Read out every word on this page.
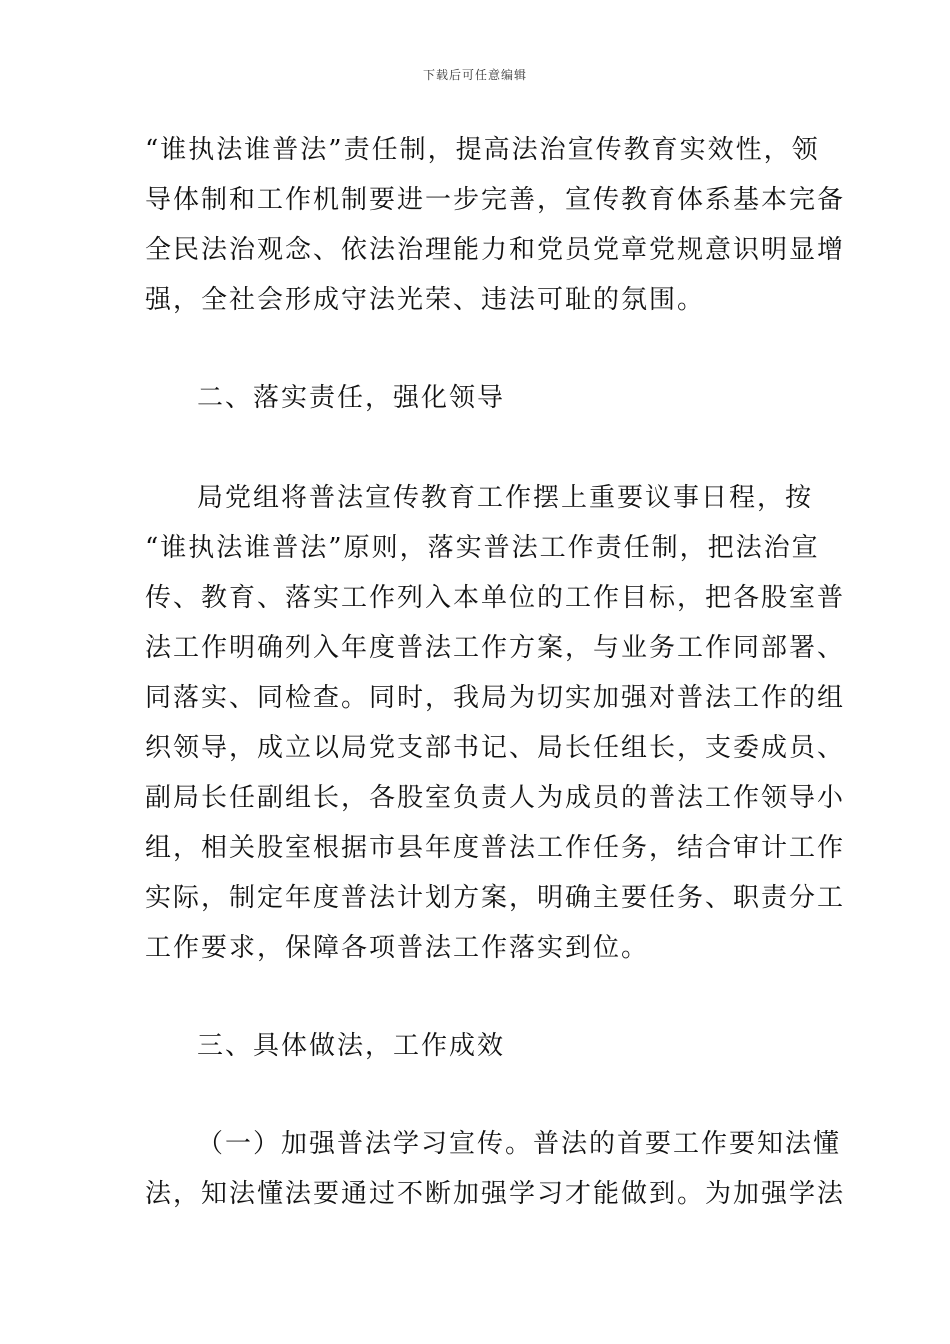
下载后可任意编辑
“谁执法谁普法”责任制，提高法治宣传教育实效性，领
导体制和工作机制要进一步完善，宣传教育体系基本完备
全民法治观念、依法治理能力和党员党章党规意识明显增
强，全社会形成守法光荣、违法可耻的氛围。
二、落实责任，强化领导
局党组将普法宣传教育工作摆上重要议事日程，按
“谁执法谁普法”原则，落实普法工作责任制，把法治宣
传、教育、落实工作列入本单位的工作目标，把各股室普
法工作明确列入年度普法工作方案，与业务工作同部署、
同落实、同检查。同时，我局为切实加强对普法工作的组
织领导，成立以局党支部书记、局长任组长，支委成员、
副局长任副组长，各股室负责人为成员的普法工作领导小
组，相关股室根据市县年度普法工作任务，结合审计工作
实际，制定年度普法计划方案，明确主要任务、职责分工
工作要求，保障各项普法工作落实到位。
三、具体做法，工作成效
（一）加强普法学习宣传。普法的首要工作要知法懂
法，知法懂法要通过不断加强学习才能做到。为加强学法
